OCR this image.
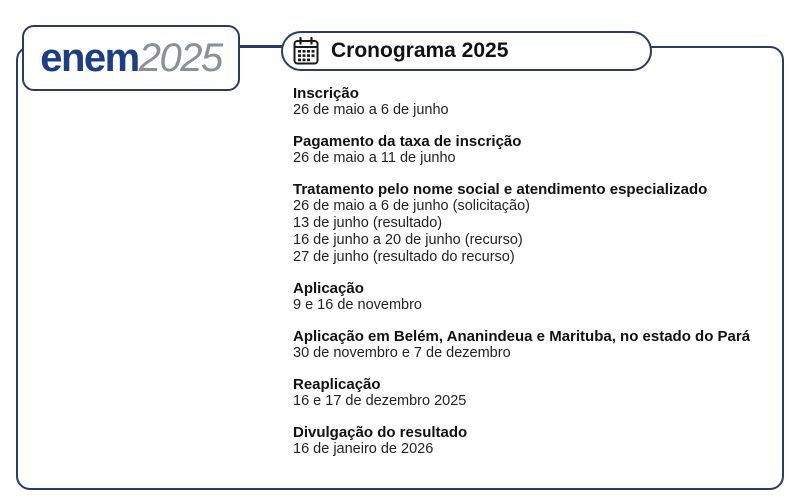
enem2025	Cronograma 2025
Inscrição
26 de maio a 6 de junho
Pagamento da taxa de inscrição
26 de maio a 11 de junho
Tratamento pelo nome social e atendimento especializado
26 de maio a 6 de junho (solicitação)
13 de junho (resultado)
16 de junho a 20 de junho (recurso)
27 de junho (resultado do recurso)
Aplicação
9 e 16 de novembro
Aplicação em Belém, Ananindeua e Marituba, no estado do Pará
30 de novembro e 7 de dezembro
Reaplicação
16 e 17 de dezembro 2025
Divulgação do resultado
16 de janeiro de 2026
